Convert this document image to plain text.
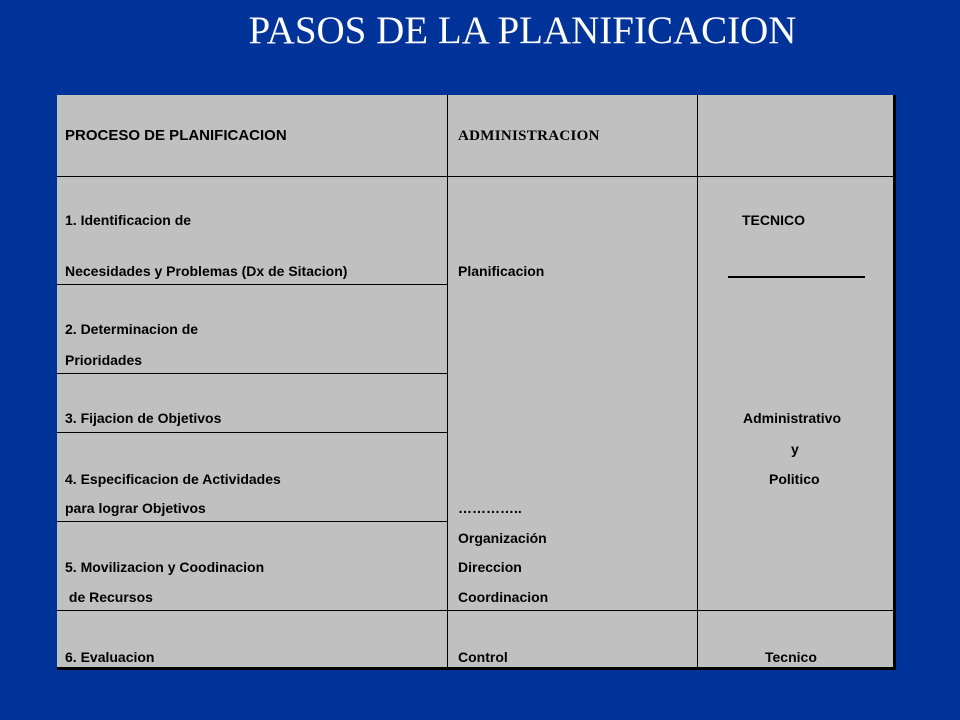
PASOS DE LA PLANIFICACION
PROCESO DE PLANIFICACION	ADMINISTRACION
1. Identificacion de
Necesidades y Problemas (Dx de Sitacion)
2. Determinacion de
Prioridades
3. Fijacion de Objetivos
4. Especificacion de Actividades
para lograr Objetivos
5. Movilizacion y Coodinacion
de Recursos
6. Evaluacion
Planificacion
…………..
Organización
Direccion
Coordinacion
Control
TECNICO
Administrativo
y
Politico
Tecnico
